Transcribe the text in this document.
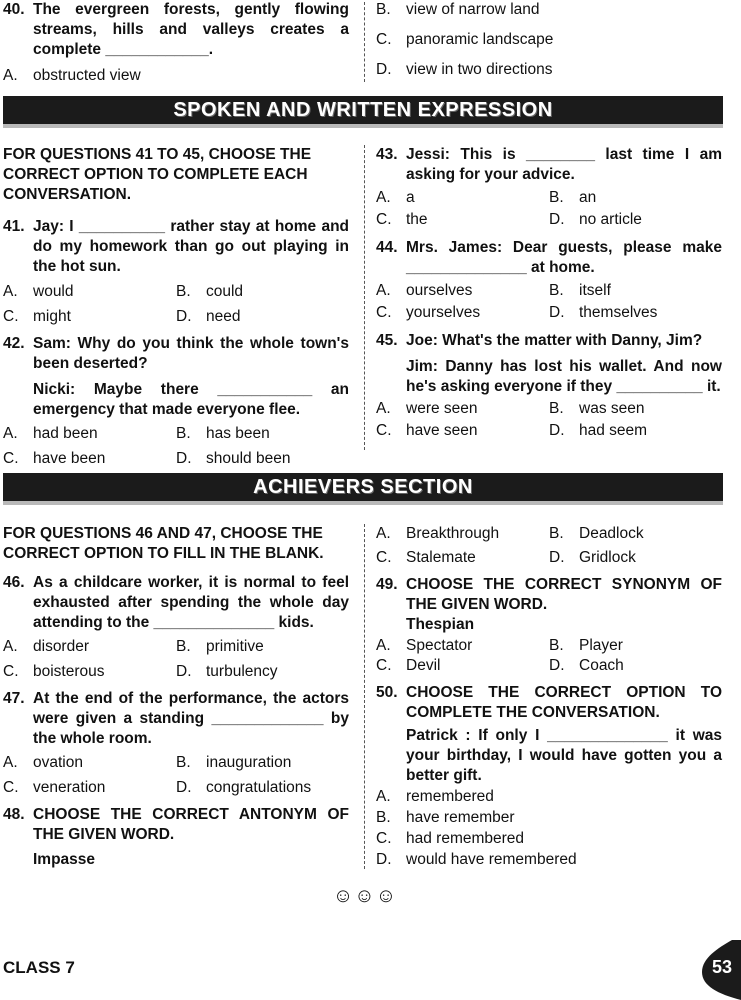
40. The evergreen forests, gently flowing streams, hills and valleys creates a complete ____________.
A. obstructed view
B. view of narrow land
C. panoramic landscape
D. view in two directions
SPOKEN AND WRITTEN EXPRESSION
FOR QUESTIONS 41 TO 45, CHOOSE THE CORRECT OPTION TO COMPLETE EACH CONVERSATION.
41. Jay: I __________ rather stay at home and do my homework than go out playing in the hot sun.
A. would	B. could
C. might	D. need
42. Sam: Why do you think the whole town's been deserted?
Nicki: Maybe there ___________ an emergency that made everyone flee.
A. had been	B. has been
C. have been	D. should been
43. Jessi: This is ________ last time I am asking for your advice.
A. a	B. an
C. the	D. no article
44. Mrs. James: Dear guests, please make ______________ at home.
A. ourselves	B. itself
C. yourselves	D. themselves
45. Joe: What's the matter with Danny, Jim?
Jim: Danny has lost his wallet. And now he's asking everyone if they __________ it.
A. were seen	B. was seen
C. have seen	D. had seem
ACHIEVERS SECTION
FOR QUESTIONS 46 AND 47, CHOOSE THE CORRECT OPTION TO FILL IN THE BLANK.
46. As a childcare worker, it is normal to feel exhausted after spending the whole day attending to the ______________ kids.
A. disorder	B. primitive
C. boisterous	D. turbulency
47. At the end of the performance, the actors were given a standing _____________ by the whole room.
A. ovation	B. inauguration
C. veneration	D. congratulations
48. CHOOSE THE CORRECT ANTONYM OF THE GIVEN WORD.
Impasse
A. Breakthrough	B. Deadlock
C. Stalemate	D. Gridlock
49. CHOOSE THE CORRECT SYNONYM OF THE GIVEN WORD.
Thespian
A. Spectator	B. Player
C. Devil	D. Coach
50. CHOOSE THE CORRECT OPTION TO COMPLETE THE CONVERSATION.
Patrick : If only I ______________ it was your birthday, I would have gotten you a better gift.
A. remembered
B. have remember
C. had remembered
D. would have remembered
☺☺☺
CLASS 7	53
